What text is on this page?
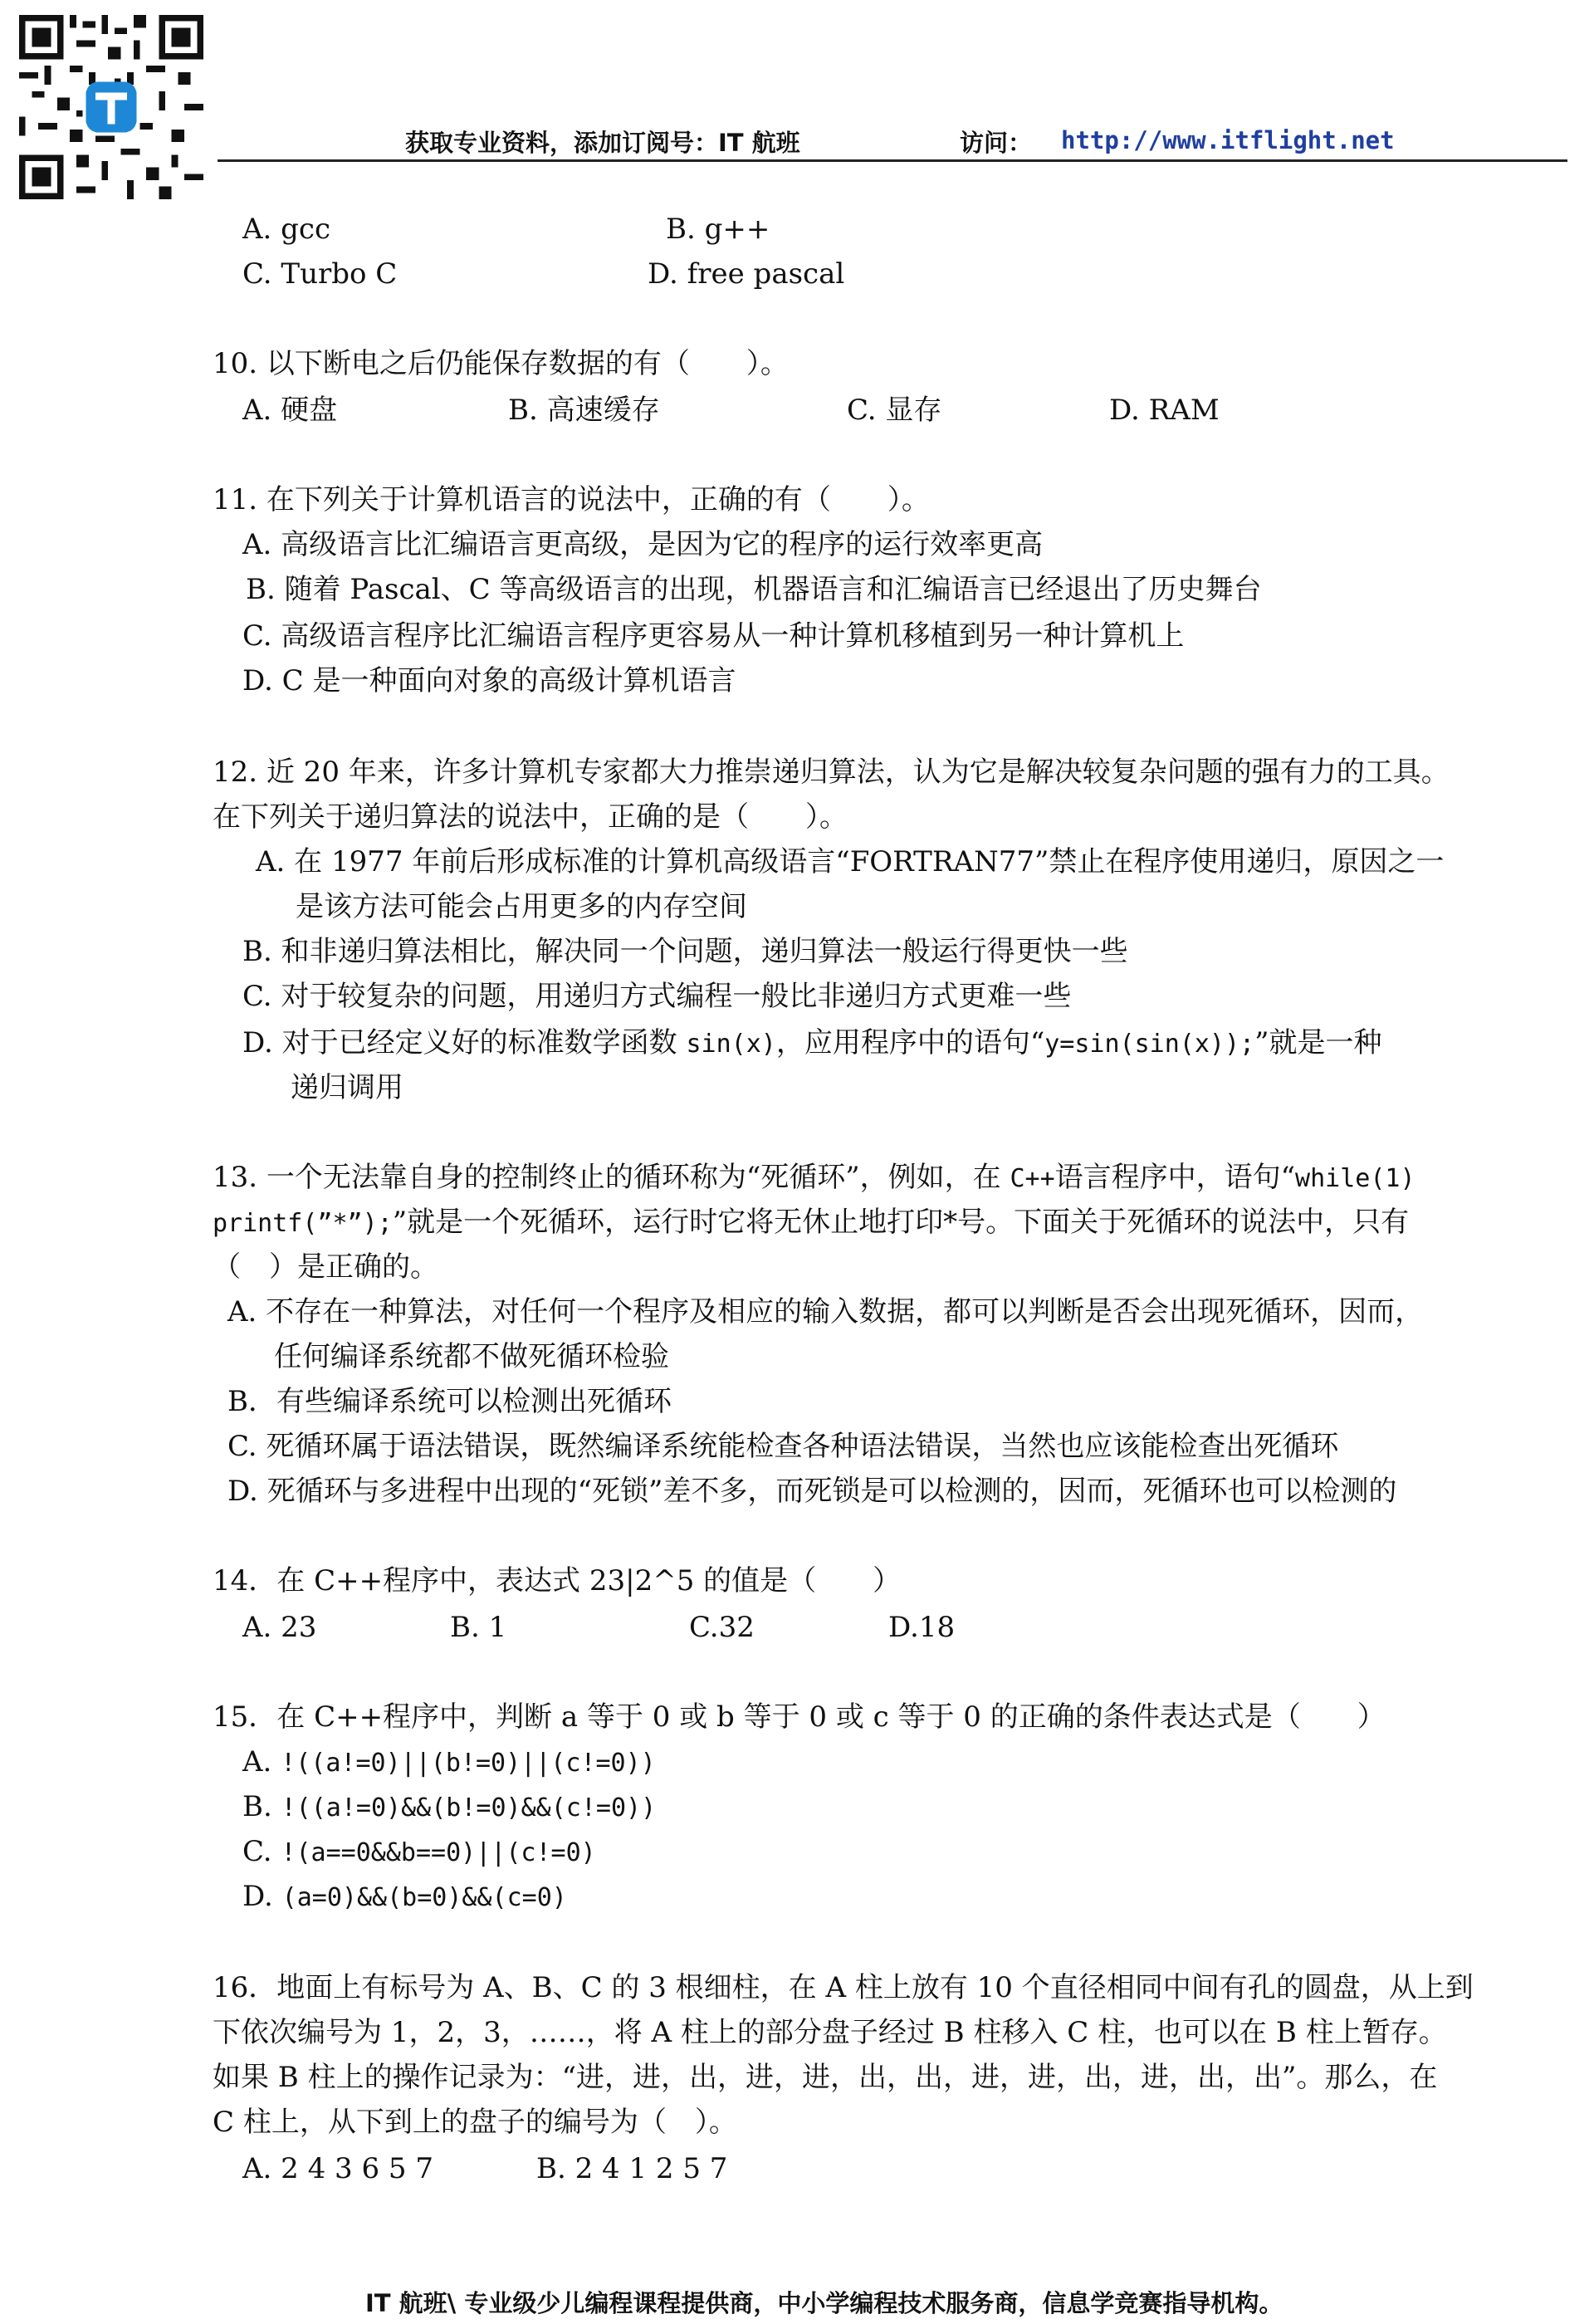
获取专业资料，添加订阅号：IT 航班	访问： http://www.itflight.net
A. gcc	B. g++
C. Turbo C	D. free pascal
10. 以下断电之后仍能保存数据的有（　　）。
A. 硬盘	B. 高速缓存	C. 显存	D. RAM
11. 在下列关于计算机语言的说法中，正确的有（　　）。
A. 高级语言比汇编语言更高级，是因为它的程序的运行效率更高
B. 随着 Pascal、C 等高级语言的出现，机器语言和汇编语言已经退出了历史舞台
C. 高级语言程序比汇编语言程序更容易从一种计算机移植到另一种计算机上
D. C 是一种面向对象的高级计算机语言
12. 近 20 年来，许多计算机专家都大力推崇递归算法，认为它是解决较复杂问题的强有力的工具。
在下列关于递归算法的说法中，正确的是（　　）。
A. 在 1977 年前后形成标准的计算机高级语言“FORTRAN77”禁止在程序使用递归，原因之一
是该方法可能会占用更多的内存空间
B. 和非递归算法相比，解决同一个问题，递归算法一般运行得更快一些
C. 对于较复杂的问题，用递归方式编程一般比非递归方式更难一些
D. 对于已经定义好的标准数学函数 sin(x)，应用程序中的语句“y=sin(sin(x));”就是一种
递归调用
13. 一个无法靠自身的控制终止的循环称为“死循环”，例如，在 C++语言程序中，语句“while(1)
printf(”*”);”就是一个死循环，运行时它将无休止地打印*号。下面关于死循环的说法中，只有
（　）是正确的。
A. 不存在一种算法，对任何一个程序及相应的输入数据，都可以判断是否会出现死循环，因而，
任何编译系统都不做死循环检验
B．有些编译系统可以检测出死循环
C. 死循环属于语法错误，既然编译系统能检查各种语法错误，当然也应该能检查出死循环
D. 死循环与多进程中出现的“死锁”差不多，而死锁是可以检测的，因而，死循环也可以检测的
14．在 C++程序中，表达式 23|2^5 的值是（　　）
A. 23	B. 1	C.32	D.18
15．在 C++程序中，判断 a 等于 0 或 b 等于 0 或 c 等于 0 的正确的条件表达式是（　　）
A. !((a!=0)||(b!=0)||(c!=0))
B. !((a!=0)&&(b!=0)&&(c!=0))
C. !(a==0&&b==0)||(c!=0)
D. (a=0)&&(b=0)&&(c=0)
16．地面上有标号为 A、B、C 的 3 根细柱，在 A 柱上放有 10 个直径相同中间有孔的圆盘，从上到
下依次编号为 1，2，3，……，将 A 柱上的部分盘子经过 B 柱移入 C 柱，也可以在 B 柱上暂存。
如果 B 柱上的操作记录为：“进，进，出，进，进，出，出，进，进，出，进，出，出”。那么，在
C 柱上，从下到上的盘子的编号为（　）。
A. 2 4 3 6 5 7	B. 2 4 1 2 5 7
IT 航班\ 专业级少儿编程课程提供商，中小学编程技术服务商，信息学竞赛指导机构。
